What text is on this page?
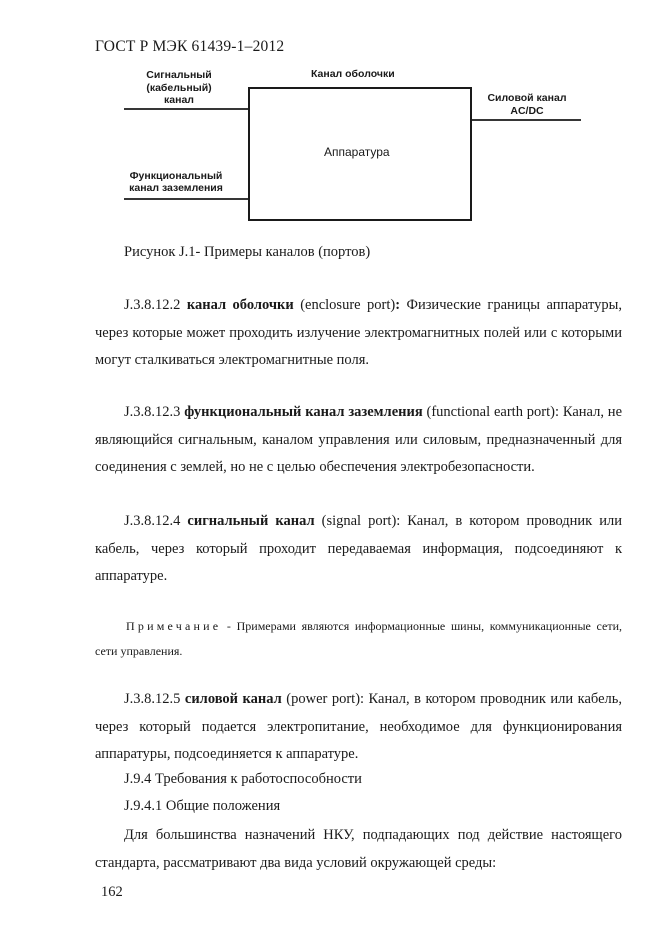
ГОСТ Р МЭК 61439-1–2012
Канал оболочки
Аппаратура
Сигнальный
(кабельный)
канал
Функциональный
канал заземления
Силовой канал
AC/DC
Рисунок J.1- Примеры каналов (портов)
J.3.8.12.2 канал оболочки (enclosure port): Физические границы аппаратуры, через которые может проходить излучение электромагнитных полей или с которыми могут сталкиваться электромагнитные поля.
J.3.8.12.3 функциональный канал заземления (functional earth port): Канал, не являющийся сигнальным, каналом управления или силовым, предназначенный для соединения с землей, но не с целью обеспечения электробезопасности.
J.3.8.12.4 сигнальный канал (signal port): Канал, в котором проводник или кабель, через который проходит передаваемая информация, подсоединяют к аппаратуре.
Примечание - Примерами являются информационные шины, коммуникационные сети, сети управления.
J.3.8.12.5 силовой канал (power port): Канал, в котором проводник или кабель, через который подается электропитание, необходимое для функционирования аппаратуры, подсоединяется к аппаратуре.
J.9.4 Требования к работоспособности
J.9.4.1 Общие положения
Для большинства назначений НКУ, подпадающих под действие настоящего стандарта, рассматривают два вида условий окружающей среды:
162
